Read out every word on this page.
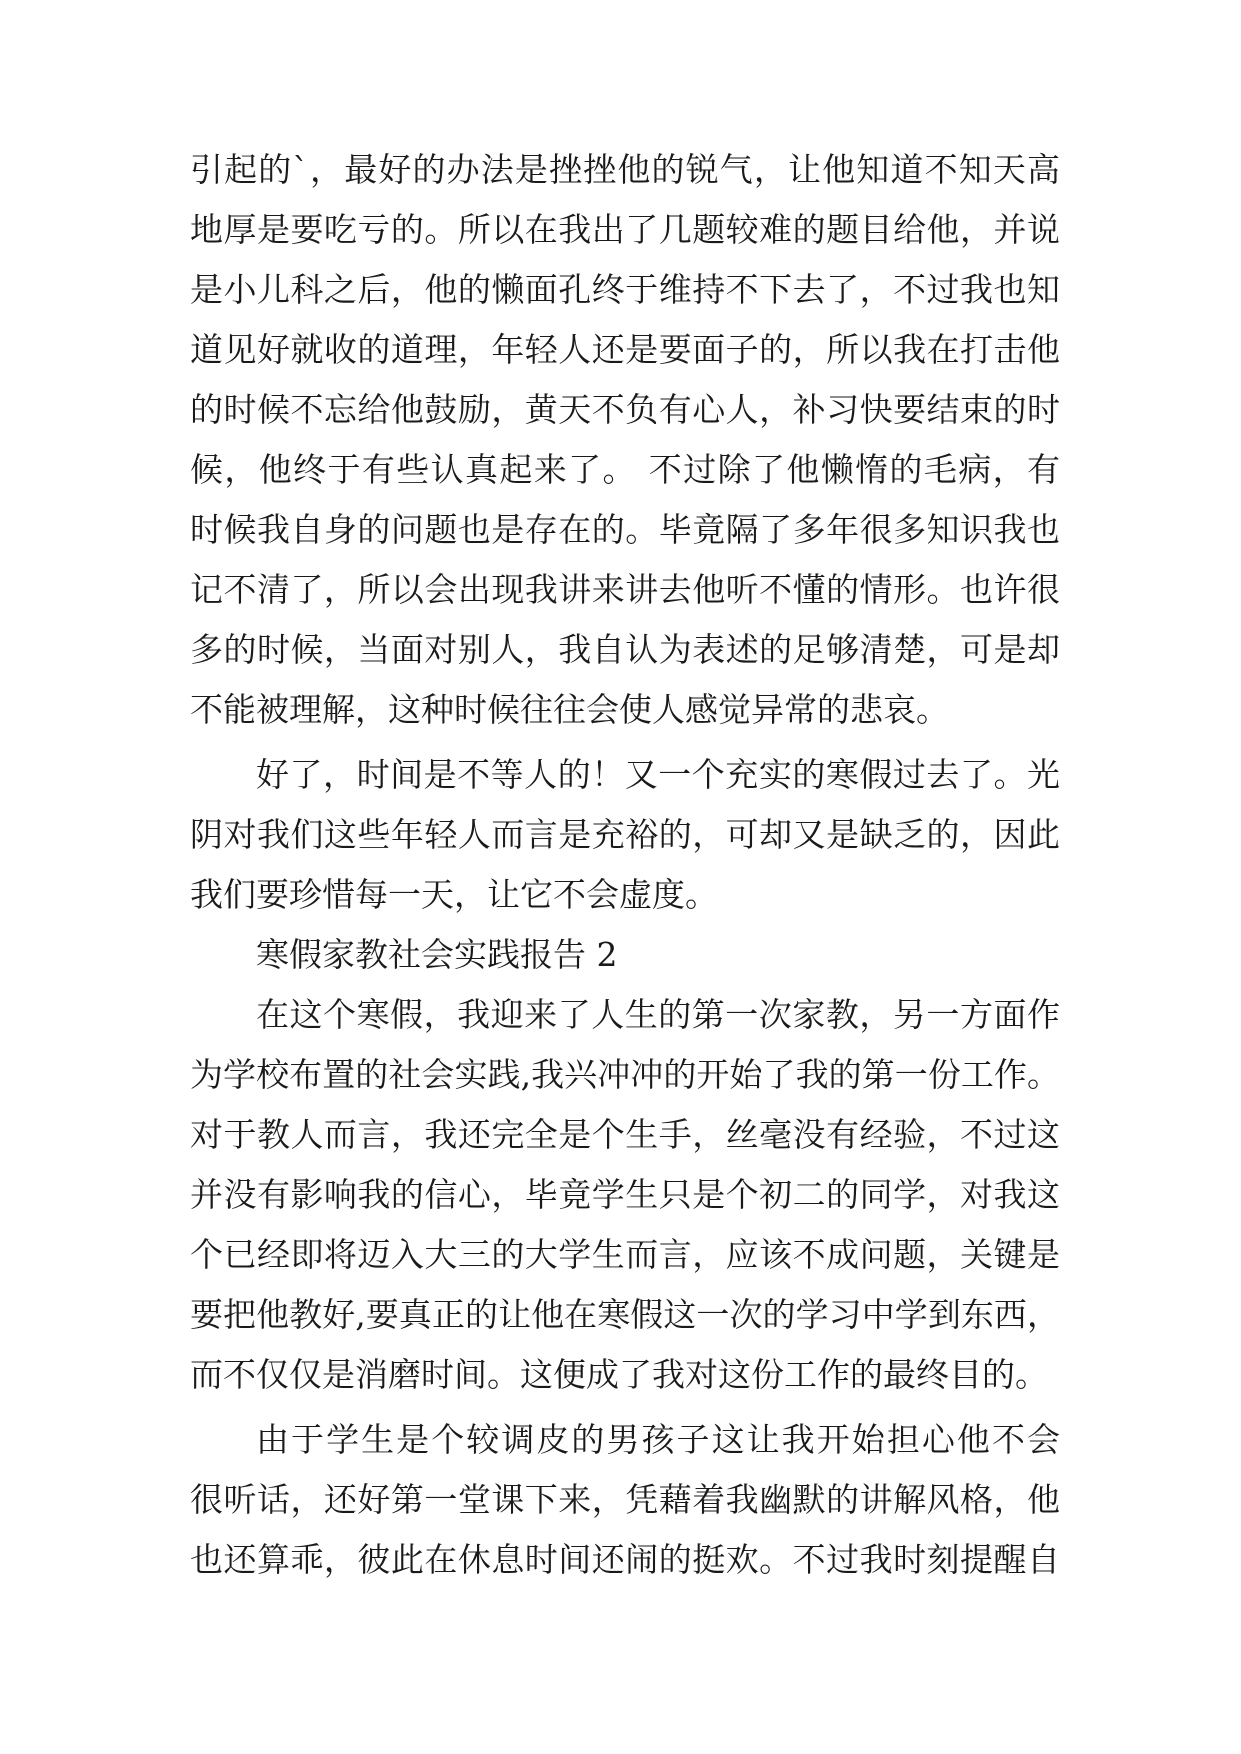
引起的`，最好的办法是挫挫他的锐气，让他知道不知天高
地厚是要吃亏的。所以在我出了几题较难的题目给他，并说
是小儿科之后，他的懒面孔终于维持不下去了，不过我也知
道见好就收的道理，年轻人还是要面子的，所以我在打击他
的时候不忘给他鼓励，黄天不负有心人，补习快要结束的时
候，他终于有些认真起来了。 不过除了他懒惰的毛病，有
时候我自身的问题也是存在的。毕竟隔了多年很多知识我也
记不清了，所以会出现我讲来讲去他听不懂的情形。也许很
多的时候，当面对别人，我自认为表述的足够清楚，可是却
不能被理解，这种时候往往会使人感觉异常的悲哀。
好了，时间是不等人的！又一个充实的寒假过去了。光
阴对我们这些年轻人而言是充裕的，可却又是缺乏的，因此
我们要珍惜每一天，让它不会虚度。
寒假家教社会实践报告 2
在这个寒假，我迎来了人生的第一次家教，另一方面作
为学校布置的社会实践,我兴冲冲的开始了我的第一份工作。
对于教人而言，我还完全是个生手，丝毫没有经验，不过这
并没有影响我的信心，毕竟学生只是个初二的同学，对我这
个已经即将迈入大三的大学生而言，应该不成问题，关键是
要把他教好,要真正的让他在寒假这一次的学习中学到东西，
而不仅仅是消磨时间。这便成了我对这份工作的最终目的。
由于学生是个较调皮的男孩子这让我开始担心他不会
很听话，还好第一堂课下来，凭藉着我幽默的讲解风格，他
也还算乖，彼此在休息时间还闹的挺欢。不过我时刻提醒自
